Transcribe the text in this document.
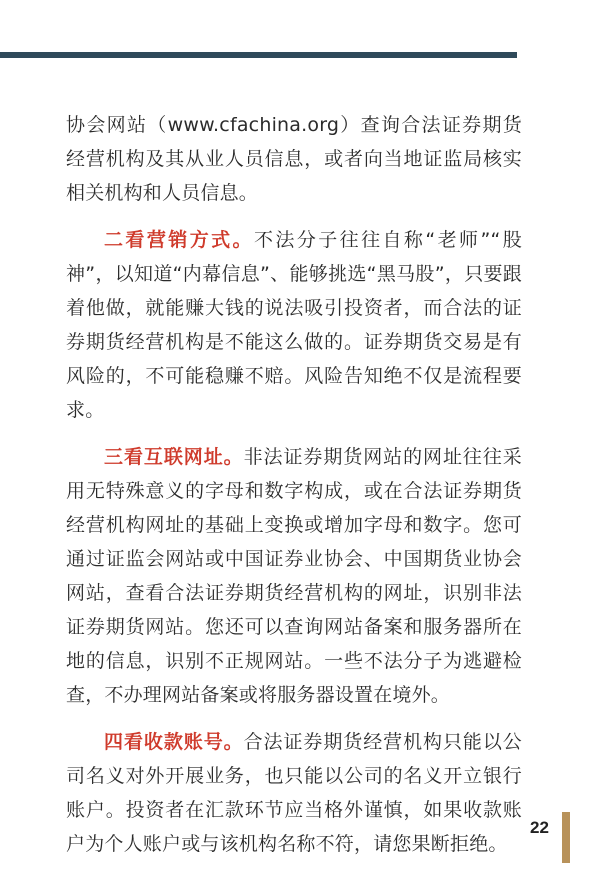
协会网站（www.cfachina.org）查询合法证券期货经营机构及其从业人员信息，或者向当地证监局核实相关机构和人员信息。

二看营销方式。不法分子往往自称“老师”“股神”，以知道“内幕信息”、能够挑选“黑马股”，只要跟着他做，就能赚大钱的说法吸引投资者，而合法的证券期货经营机构是不能这么做的。证券期货交易是有风险的，不可能稳赚不赔。风险告知绝不仅是流程要求。

三看互联网址。非法证券期货网站的网址往往采用无特殊意义的字母和数字构成，或在合法证券期货经营机构网址的基础上变换或增加字母和数字。您可通过证监会网站或中国证券业协会、中国期货业协会网站，查看合法证券期货经营机构的网址，识别非法证券期货网站。您还可以查询网站备案和服务器所在地的信息，识别不正规网站。一些不法分子为逃避检查，不办理网站备案或将服务器设置在境外。

四看收款账号。合法证券期货经营机构只能以公司名义对外开展业务，也只能以公司的名义开立银行账户。投资者在汇款环节应当格外谨慎，如果收款账户为个人账户或与该机构名称不符，请您果断拒绝。

22
